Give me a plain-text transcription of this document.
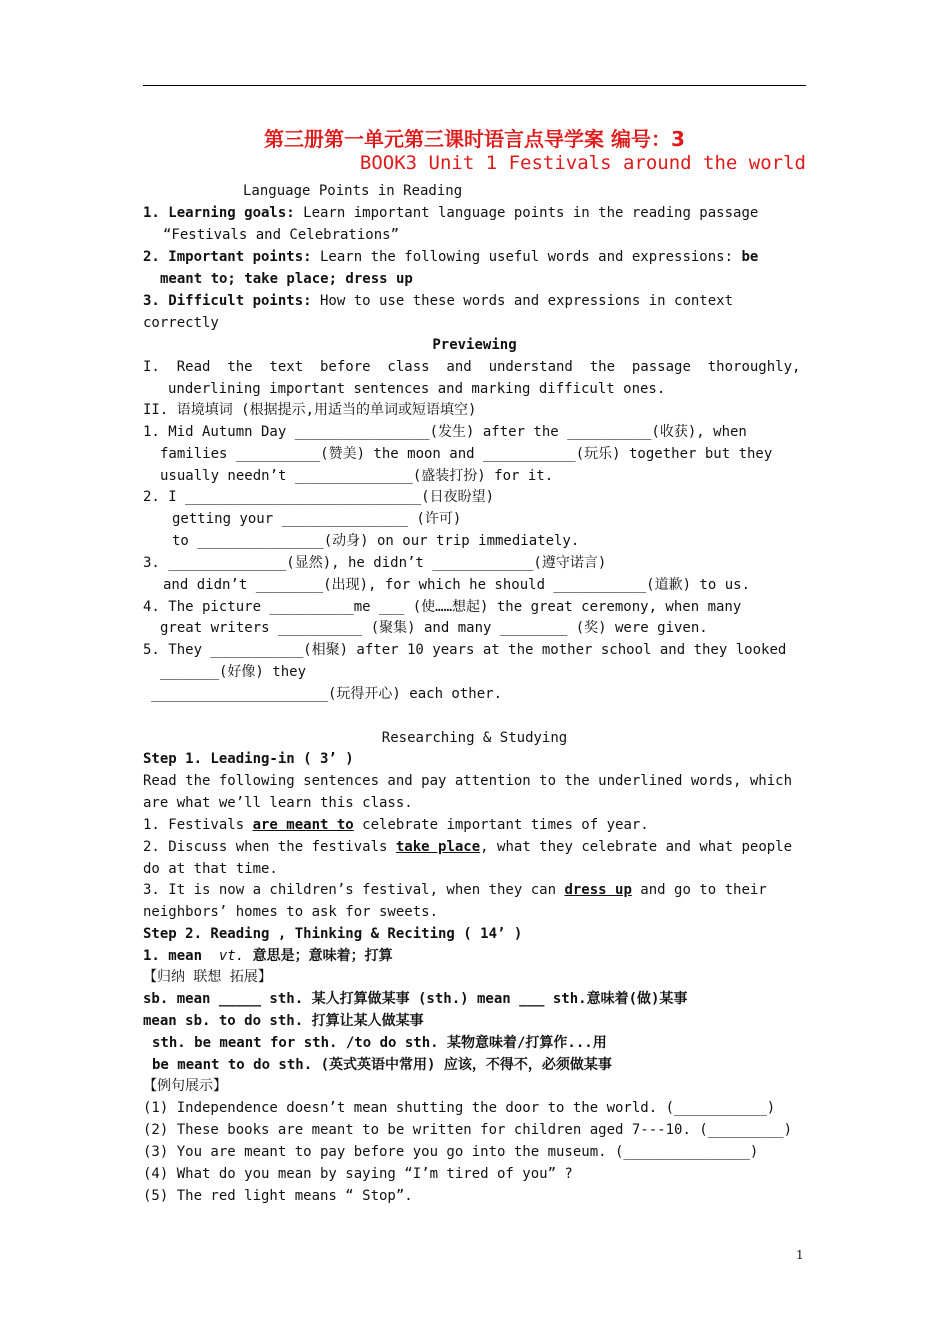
第三册第一单元第三课时语言点导学案 编号：3
BOOK3 Unit 1 Festivals around the world
Language Points in Reading
1. Learning goals: Learn important language points in the reading passage
“Festivals and Celebrations”
2. Important points: Learn the following useful words and expressions: be
meant to; take place; dress up
3. Difficult points: How to use these words and expressions in context
correctly
Previewing
I.  Read  the  text  before  class  and  understand  the  passage  thoroughly,
underlining important sentences and marking difficult ones.
II. 语境填词 (根据提示,用适当的单词或短语填空)
1. Mid Autumn Day ________________(发生) after the __________(收获), when
families __________(赞美) the moon and ___________(玩乐) together but they
usually needn’t ______________(盛装打扮) for it.
2. I ____________________________(日夜盼望)
getting your _______________ (许可)
to _______________(动身) on our trip immediately.
3. ______________(显然), he didn’t ____________(遵守诺言)
and didn’t ________(出现), for which he should ___________(道歉) to us.
4. The picture __________me ___ (使……想起) the great ceremony, when many
great writers __________ (聚集) and many ________ (奖) were given.
5. They ___________(相聚) after 10 years at the mother school and they looked
_______(好像) they
_____________________(玩得开心) each other.
Researching & Studying
Step 1. Leading-in ( 3’ )
Read the following sentences and pay attention to the underlined words, which
are what we’ll learn this class.
1. Festivals are meant to celebrate important times of year.
2. Discuss when the festivals take place, what they celebrate and what people
do at that time.
3. It is now a children’s festival, when they can dress up and go to their
neighbors’ homes to ask for sweets.
Step 2. Reading , Thinking & Reciting ( 14’ )
1. mean  vt. 意思是；意味着；打算
【归纳 联想 拓展】
sb. mean _____ sth. 某人打算做某事 (sth.) mean ___ sth.意味着(做)某事
mean sb. to do sth. 打算让某人做某事
sth. be meant for sth. /to do sth. 某物意味着/打算作...用
be meant to do sth. (英式英语中常用) 应该，不得不，必须做某事
【例句展示】
(1) Independence doesn’t mean shutting the door to the world. (___________)
(2) These books are meant to be written for children aged 7---10. (_________)
(3) You are meant to pay before you go into the museum. (_______________)
(4) What do you mean by saying “I’m tired of you” ?
(5) The red light means “ Stop”.
1
